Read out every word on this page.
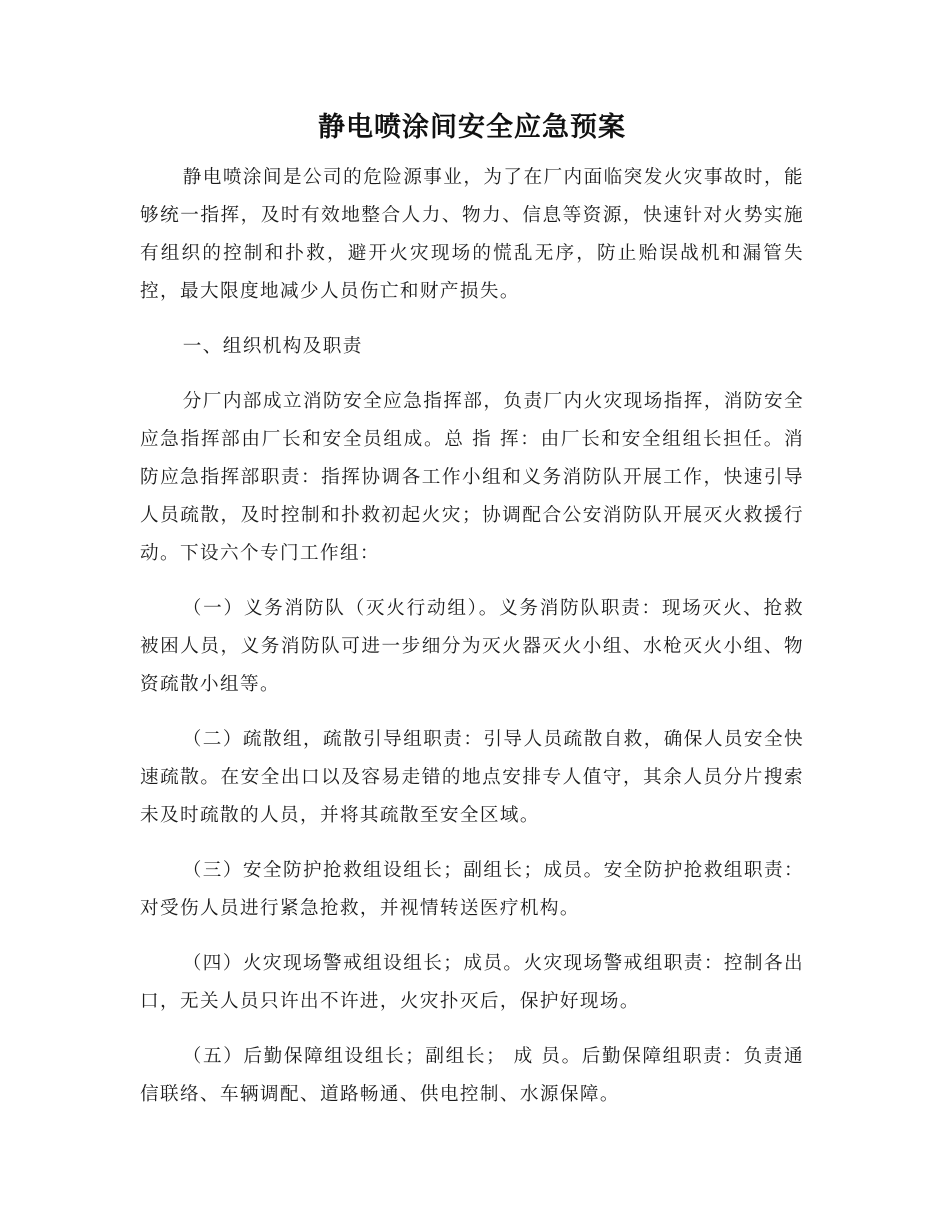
静电喷涂间安全应急预案

静电喷涂间是公司的危险源事业，为了在厂内面临突发火灾事故时，能够统一指挥，及时有效地整合人力、物力、信息等资源，快速针对火势实施有组织的控制和扑救，避开火灾现场的慌乱无序，防止贻误战机和漏管失控，最大限度地减少人员伤亡和财产损失。

一、组织机构及职责

分厂内部成立消防安全应急指挥部，负责厂内火灾现场指挥，消防安全应急指挥部由厂长和安全员组成。总 指 挥：由厂长和安全组组长担任。消防应急指挥部职责：指挥协调各工作小组和义务消防队开展工作，快速引导人员疏散，及时控制和扑救初起火灾；协调配合公安消防队开展灭火救援行动。下设六个专门工作组：

（一）义务消防队（灭火行动组）。义务消防队职责：现场灭火、抢救被困人员，义务消防队可进一步细分为灭火器灭火小组、水枪灭火小组、物资疏散小组等。

（二）疏散组，疏散引导组职责：引导人员疏散自救，确保人员安全快速疏散。在安全出口以及容易走错的地点安排专人值守，其余人员分片搜索未及时疏散的人员，并将其疏散至安全区域。

（三）安全防护抢救组设组长；副组长；成员。安全防护抢救组职责：对受伤人员进行紧急抢救，并视情转送医疗机构。

（四）火灾现场警戒组设组长；成员。火灾现场警戒组职责：控制各出口，无关人员只许出不许进，火灾扑灭后，保护好现场。

（五）后勤保障组设组长；副组长； 成 员。后勤保障组职责：负责通信联络、车辆调配、道路畅通、供电控制、水源保障。
